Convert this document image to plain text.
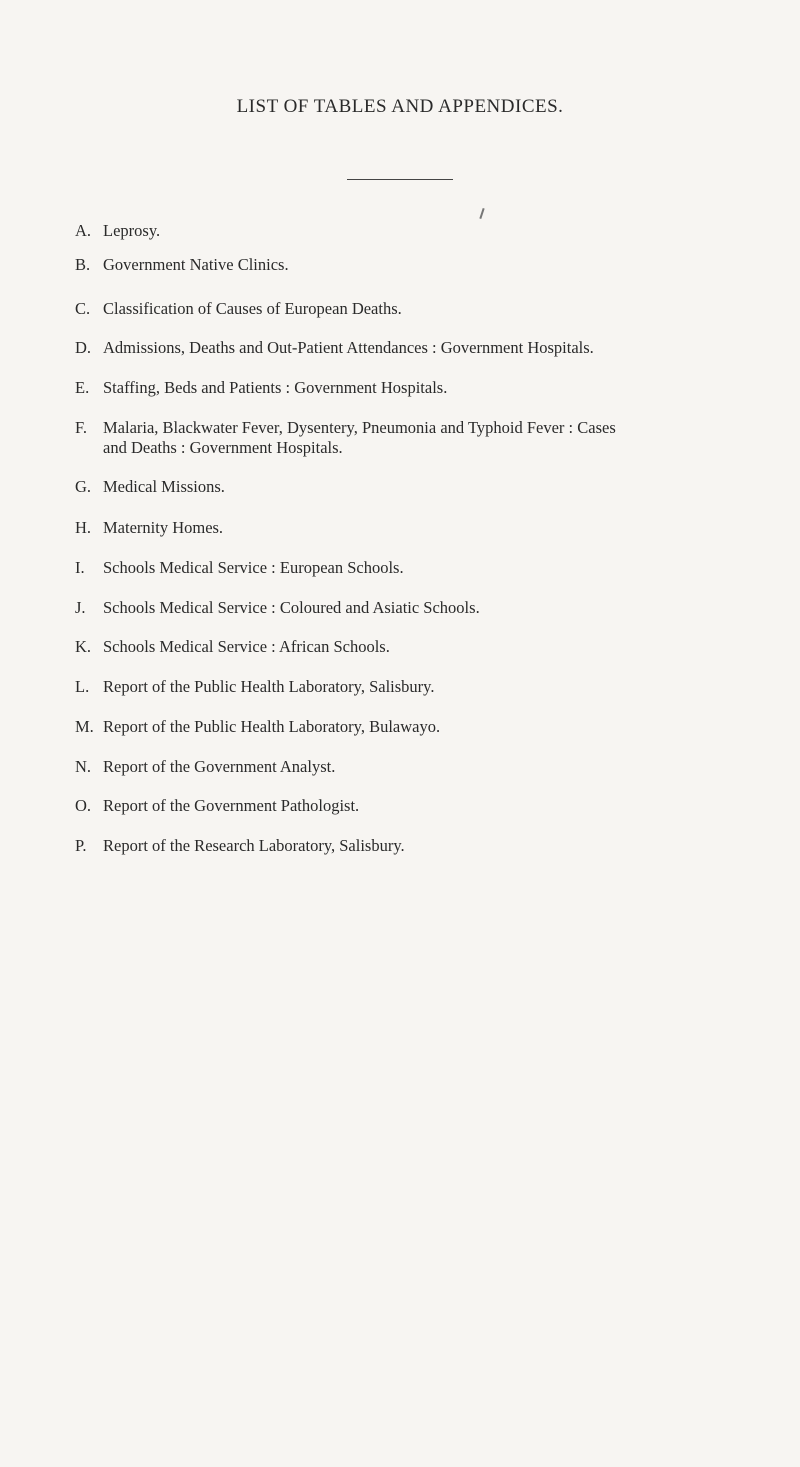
LIST OF TABLES AND APPENDICES.
A. Leprosy.
B. Government Native Clinics.
C. Classification of Causes of European Deaths.
D. Admissions, Deaths and Out-Patient Attendances : Government Hospitals.
E. Staffing, Beds and Patients : Government Hospitals.
F. Malaria, Blackwater Fever, Dysentery, Pneumonia and Typhoid Fever : Cases
and Deaths : Government Hospitals.
G. Medical Missions.
H. Maternity Homes.
I. Schools Medical Service : European Schools.
J. Schools Medical Service : Coloured and Asiatic Schools.
K. Schools Medical Service : African Schools.
L. Report of the Public Health Laboratory, Salisbury.
M. Report of the Public Health Laboratory, Bulawayo.
N. Report of the Government Analyst.
O. Report of the Government Pathologist.
P. Report of the Research Laboratory, Salisbury.
